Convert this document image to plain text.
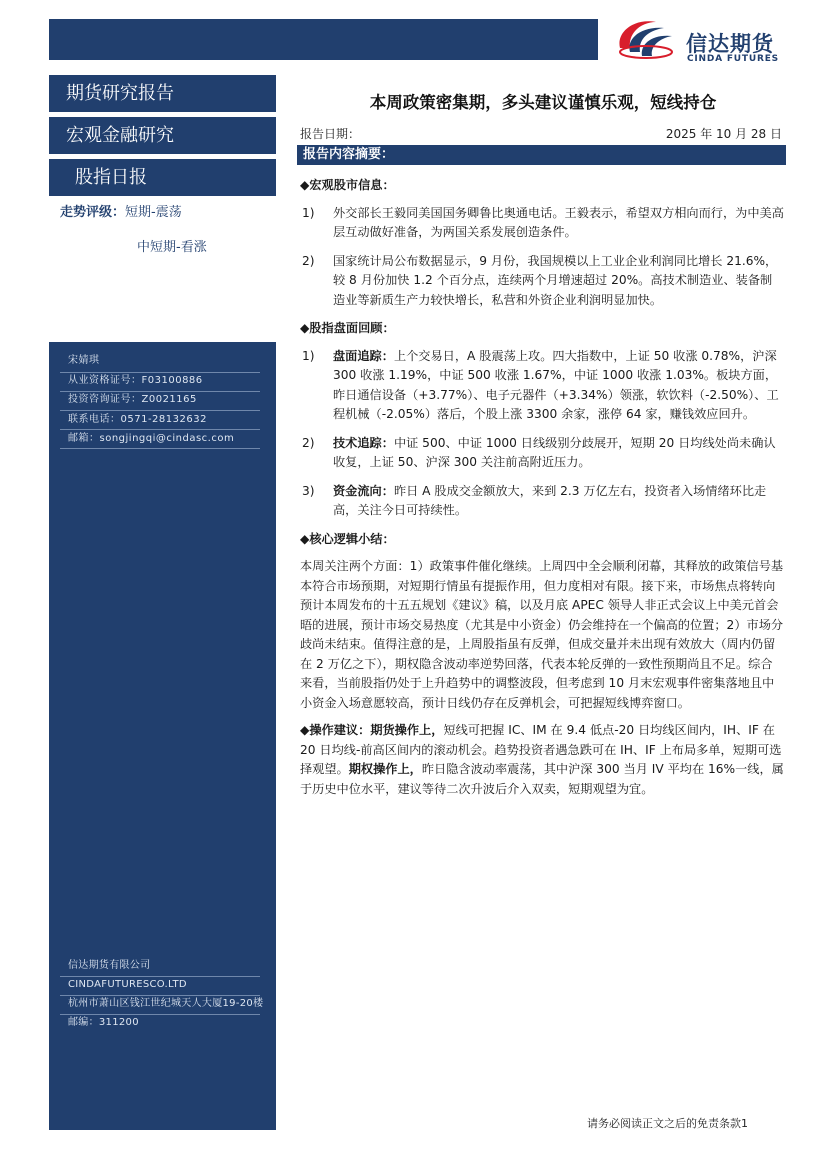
信达期货
CINDA FUTURES
期货研究报告
宏观金融研究
股指日报
走势评级：短期-震荡
中短期-看涨
宋婧琪
从业资格证号：F03100886
投资咨询证号：Z0021165
联系电话：0571-28132632
邮箱：songjingqi@cindasc.com
信达期货有限公司
CINDAFUTURESCO.LTD
杭州市萧山区钱江世纪城天人大厦19-20楼
邮编：311200
本周政策密集期，多头建议谨慎乐观，短线持仓
报告日期：	2025 年 10 月 28 日
报告内容摘要：
◆宏观股市信息：
1) 外交部长王毅同美国国务卿鲁比奥通电话。王毅表示，希望双方相向而行，为中美高层互动做好准备，为两国关系发展创造条件。
2) 国家统计局公布数据显示，9 月份，我国规模以上工业企业利润同比增长 21.6%，较 8 月份加快 1.2 个百分点，连续两个月增速超过 20%。高技术制造业、装备制造业等新质生产力较快增长，私营和外资企业利润明显加快。
◆股指盘面回顾：
1) 盘面追踪：上个交易日，A 股震荡上攻。四大指数中，上证 50 收涨 0.78%，沪深 300 收涨 1.19%，中证 500 收涨 1.67%，中证 1000 收涨 1.03%。板块方面，昨日通信设备（+3.77%）、电子元器件（+3.34%）领涨，软饮料（-2.50%）、工程机械（-2.05%）落后，个股上涨 3300 余家，涨停 64 家，赚钱效应回升。
2) 技术追踪：中证 500、中证 1000 日线级别分歧展开，短期 20 日均线处尚未确认收复，上证 50、沪深 300 关注前高附近压力。
3) 资金流向：昨日 A 股成交金额放大，来到 2.3 万亿左右，投资者入场情绪环比走高，关注今日可持续性。
◆核心逻辑小结：
本周关注两个方面：1）政策事件催化继续。上周四中全会顺利闭幕，其释放的政策信号基本符合市场预期，对短期行情虽有提振作用，但力度相对有限。接下来，市场焦点将转向预计本周发布的十五五规划《建议》稿，以及月底 APEC 领导人非正式会议上中美元首会晤的进展，预计市场交易热度（尤其是中小资金）仍会维持在一个偏高的位置；2）市场分歧尚未结束。值得注意的是，上周股指虽有反弹，但成交量并未出现有效放大（周内仍留在 2 万亿之下），期权隐含波动率逆势回落，代表本轮反弹的一致性预期尚且不足。综合来看，当前股指仍处于上升趋势中的调整波段，但考虑到 10 月末宏观事件密集落地且中小资金入场意愿较高，预计日线仍存在反弹机会，可把握短线博弈窗口。
◆操作建议：期货操作上，短线可把握 IC、IM 在 9.4 低点-20 日均线区间内，IH、IF 在 20 日均线-前高区间内的滚动机会。趋势投资者遇急跌可在 IH、IF 上布局多单，短期可选择观望。期权操作上，昨日隐含波动率震荡，其中沪深 300 当月 IV 平均在 16%一线，属于历史中位水平，建议等待二次升波后介入双卖，短期观望为宜。
请务必阅读正文之后的免责条款1
